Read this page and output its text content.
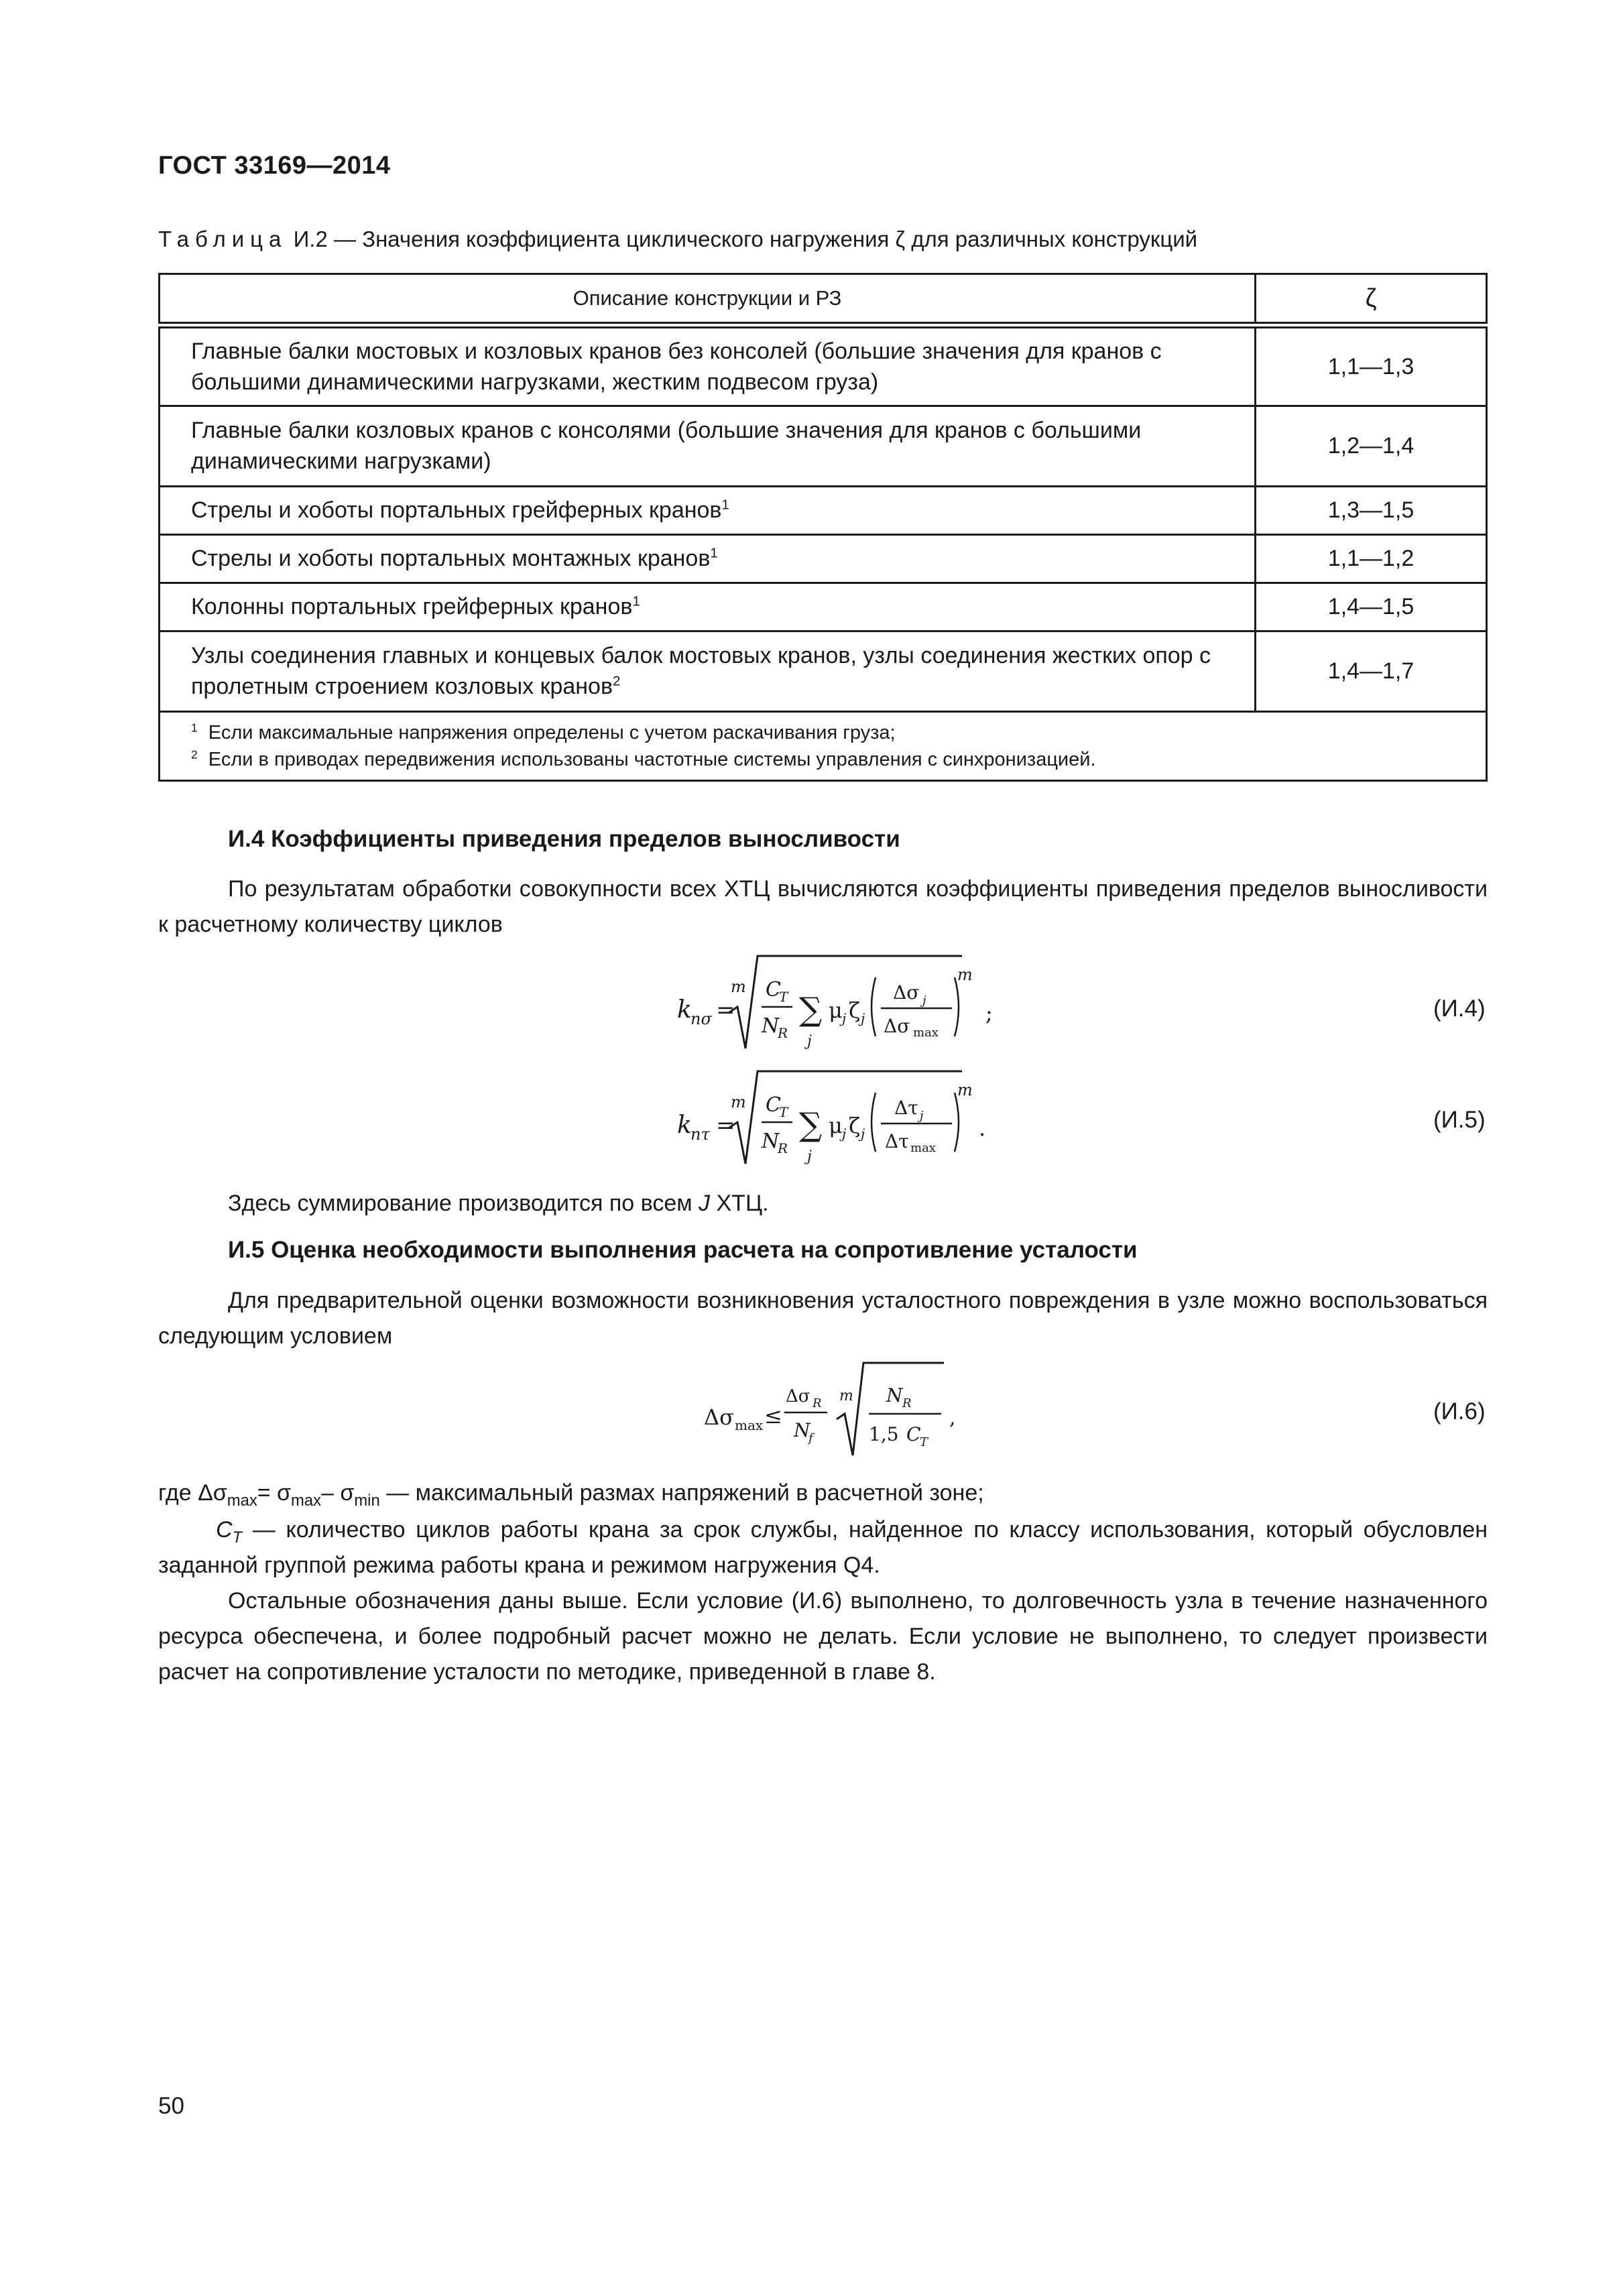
ГОСТ 33169—2014
Таблица И.2 — Значения коэффициента циклического нагружения ζ для различных конструкций
Описание конструкции и РЗ	ζ
Главные балки мостовых и козловых кранов без консолей (большие значения для кранов с большими динамическими нагрузками, жестким подвесом груза)	1,1—1,3
Главные балки козловых кранов с консолями (большие значения для кранов с большими динамическими нагрузками)	1,2—1,4
Стрелы и хоботы портальных грейферных кранов$^1$	1,3—1,5
Стрелы и хоботы портальных монтажных кранов$^1$	1,1—1,2
Колонны портальных грейферных кранов$^1$	1,4—1,5
Узлы соединения главных и концевых балок мостовых кранов, узлы соединения жестких опор с пролетным строением козловых кранов$^2$	1,4—1,7

$^1$ Если максимальные напряжения определены с учетом раскачивания груза;
$^2$ Если в приводах передвижения использованы частотные системы управления с синхронизацией.	
И.4 Коэффициенты приведения пределов выносливости
По результатам обработки совокупности всех ХТЦ вычисляются коэффициенты приведения пределов выносливости к расчетному количеству циклов
k
nσ =
m C
T
N
R
∑
j
μ j ζ j
Δσ j
Δσ max
m
;	(И.4)
k
nτ =
m C
T
N
R
∑
j
μ j ζ j
Δτ j
Δτ max
m
.	(И.5)
Здесь суммирование производится по всем J ХТЦ.
И.5 Оценка необходимости выполнения расчета на сопротивление усталости
Для предварительной оценки возможности возникновения усталостного повреждения в узле можно воспользоваться следующим условием
Δσ max ≤
Δσ R
N
f
m N R
1,5 C
T
,	(И.6)
где $\Delta\sigma_{max}= \sigma_{max}-$ $\sigma_{min}$ — максимальный размах напряжений в расчетной зоне;
$C_T$ — количество циклов работы крана за срок службы, найденное по классу использования, который обусловлен заданной группой режима работы крана и режимом нагружения Q4.
Остальные обозначения даны выше. Если условие (И.6) выполнено, то долговечность узла в течение назначенного ресурса обеспечена, и более подробный расчет можно не делать. Если условие не выполнено, то следует произвести расчет на сопротивление усталости по методике, приведенной в главе 8.
50
